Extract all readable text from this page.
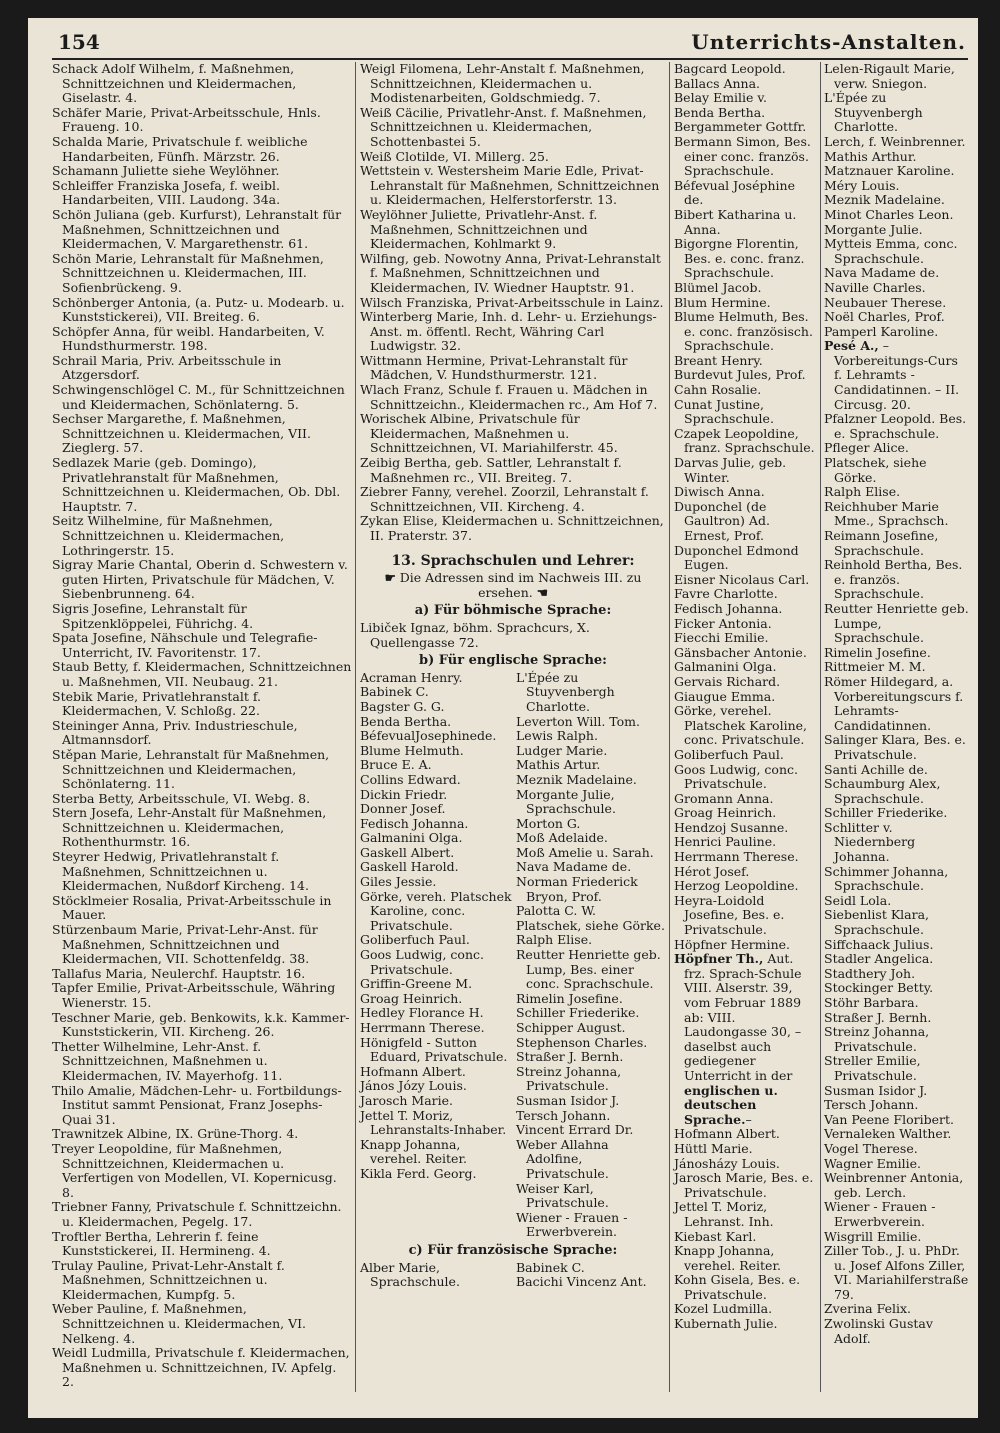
154	Unterrichts-Anstalten.

Schack Adolf Wilhelm, f. Maßnehmen, Schnittzeichnen und Kleidermachen, Giselastr. 4.

Schäfer Marie, Privat-Arbeitsschule, Hnls. Fraueng. 10.

Schalda Marie, Privatschule f. weibliche Handarbeiten, Fünfh. Märzstr. 26.

Schamann Juliette siehe Weylöhner.

Schleiffer Franziska Josefa, f. weibl. Handarbeiten, VIII. Laudong. 34a.

Schön Juliana (geb. Kurfurst), Lehranstalt für Maßnehmen, Schnittzeichnen und Kleidermachen, V. Margarethenstr. 61.

Schön Marie, Lehranstalt für Maßnehmen, Schnittzeichnen u. Kleidermachen, III. Sofienbrückeng. 9.

Schönberger Antonia, (a. Putz- u. Modearb. u. Kunststickerei), VII. Breiteg. 6.

Schöpfer Anna, für weibl. Handarbeiten, V. Hundsthurmerstr. 198.

Schrail Maria, Priv. Arbeitsschule in Atzgersdorf.

Schwingenschlögel C. M., für Schnittzeichnen und Kleidermachen, Schönlaterng. 5.

Sechser Margarethe, f. Maßnehmen, Schnittzeichnen u. Kleidermachen, VII. Zieglerg. 57.

Sedlazek Marie (geb. Domingo), Privatlehranstalt für Maßnehmen, Schnittzeichnen u. Kleidermachen, Ob. Dbl. Hauptstr. 7.

Seitz Wilhelmine, für Maßnehmen, Schnittzeichnen u. Kleidermachen, Lothringerstr. 15.

Sigray Marie Chantal, Oberin d. Schwestern v. guten Hirten, Privatschule für Mädchen, V. Siebenbrunneng. 64.

Sigris Josefine, Lehranstalt für Spitzenklöppelei, Führichg. 4.

Spata Josefine, Nähschule und Telegrafie-Unterricht, IV. Favoritenstr. 17.

Staub Betty, f. Kleidermachen, Schnittzeichnen u. Maßnehmen, VII. Neubaug. 21.

Stebik Marie, Privatlehranstalt f. Kleidermachen, V. Schloßg. 22.

Steininger Anna, Priv. Industrieschule, Altmannsdorf.

Stěpan Marie, Lehranstalt für Maßnehmen, Schnittzeichnen und Kleidermachen, Schönlaterng. 11.

Sterba Betty, Arbeitsschule, VI. Webg. 8.

Stern Josefa, Lehr-Anstalt für Maßnehmen, Schnittzeichnen u. Kleidermachen, Rothenthurmstr. 16.

Steyrer Hedwig, Privatlehranstalt f. Maßnehmen, Schnittzeichnen u. Kleidermachen, Nußdorf Kircheng. 14.

Stöcklmeier Rosalia, Privat-Arbeitsschule in Mauer.

Stürzenbaum Marie, Privat-Lehr-Anst. für Maßnehmen, Schnittzeichnen und Kleidermachen, VII. Schottenfeldg. 38.

Tallafus Maria, Neulerchf. Hauptstr. 16.

Tapfer Emilie, Privat-Arbeitsschule, Währing Wienerstr. 15.

Teschner Marie, geb. Benkowits, k.k. Kammer-Kunststickerin, VII. Kircheng. 26.

Thetter Wilhelmine, Lehr-Anst. f. Schnittzeichnen, Maßnehmen u. Kleidermachen, IV. Mayerhofg. 11.

Thilo Amalie, Mädchen-Lehr- u. Fortbildungs-Institut sammt Pensionat, Franz Josephs-Quai 31.

Trawnitzek Albine, IX. Grüne-Thorg. 4.

Treyer Leopoldine, für Maßnehmen, Schnittzeichnen, Kleidermachen u. Verfertigen von Modellen, VI. Kopernicusg. 8.

Triebner Fanny, Privatschule f. Schnittzeichn. u. Kleidermachen, Pegelg. 17.

Troftler Bertha, Lehrerin f. feine Kunststickerei, II. Hermineng. 4.

Trulay Pauline, Privat-Lehr-Anstalt f. Maßnehmen, Schnittzeichnen u. Kleidermachen, Kumpfg. 5.

Weber Pauline, f. Maßnehmen, Schnittzeichnen u. Kleidermachen, VI. Nelkeng. 4.

Weidl Ludmilla, Privatschule f. Kleidermachen, Maßnehmen u. Schnittzeichnen, IV. Apfelg. 2.

Weigl Filomena, Lehr-Anstalt f. Maßnehmen, Schnittzeichnen, Kleidermachen u. Modistenarbeiten, Goldschmiedg. 7.

Weiß Cäcilie, Privatlehr-Anst. f. Maßnehmen, Schnittzeichnen u. Kleidermachen, Schottenbastei 5.

Weiß Clotilde, VI. Millerg. 25.

Wettstein v. Westersheim Marie Edle, Privat-Lehranstalt für Maßnehmen, Schnittzeichnen u. Kleidermachen, Helferstorferstr. 13.

Weylöhner Juliette, Privatlehr-Anst. f. Maßnehmen, Schnittzeichnen und Kleidermachen, Kohlmarkt 9.

Wilfing, geb. Nowotny Anna, Privat-Lehranstalt f. Maßnehmen, Schnittzeichnen und Kleidermachen, IV. Wiedner Hauptstr. 91.

Wilsch Franziska, Privat-Arbeitsschule in Lainz.

Winterberg Marie, Inh. d. Lehr- u. Erziehungs-Anst. m. öffentl. Recht, Währing Carl Ludwigstr. 32.

Wittmann Hermine, Privat-Lehranstalt für Mädchen, V. Hundsthurmerstr. 121.

Wlach Franz, Schule f. Frauen u. Mädchen in Schnittzeichn., Kleidermachen rc., Am Hof 7.

Worischek Albine, Privatschule für Kleidermachen, Maßnehmen u. Schnittzeichnen, VI. Mariahilferstr. 45.

Zeibig Bertha, geb. Sattler, Lehranstalt f. Maßnehmen rc., VII. Breiteg. 7.

Ziebrer Fanny, verehel. Zoorzil, Lehranstalt f. Schnittzeichnen, VII. Kircheng. 4.

Zykan Elise, Kleidermachen u. Schnittzeichnen, II. Praterstr. 37.

13. Sprachschulen und Lehrer:
☛ Die Adressen sind im Nachweis III. zu ersehen. ☚
a) Für böhmische Sprache:

Libiček Ignaz, böhm. Sprachcurs, X. Quellengasse 72.

b) Für englische Sprache:

Acraman Henry.

Babinek C.

Bagster G. G.

Benda Bertha.

BéfevualJosephinede.

Blume Helmuth.

Bruce E. A.

Collins Edward.

Dickin Friedr.

Donner Josef.

Fedisch Johanna.

Galmanini Olga.

Gaskell Albert.

Gaskell Harold.

Giles Jessie.

Görke, vereh. Platschek Karoline, conc. Privatschule.

Goliberfuch Paul.

Goos Ludwig, conc. Privatschule.

Griffin-Greene M.

Groag Heinrich.

Hedley Florance H.

Herrmann Therese.

Hönigfeld - Sutton Eduard, Privatschule.

Hofmann Albert.

János Józy Louis.

Jarosch Marie.

Jettel T. Moriz, Lehranstalts-Inhaber.

Knapp Johanna, verehel. Reiter.

Kikla Ferd. Georg.

L'Épée zu Stuyvenbergh Charlotte.

Leverton Will. Tom.

Lewis Ralph.

Ludger Marie.

Mathis Artur.

Meznik Madelaine.

Morgante Julie, Sprachschule.

Morton G.

Moß Adelaide.

Moß Amelie u. Sarah.

Nava Madame de.

Norman Friederick Bryon, Prof.

Palotta C. W.

Platschek, siehe Görke.

Ralph Elise.

Reutter Henriette geb. Lump, Bes. einer conc. Sprachschule.

Rimelin Josefine.

Schiller Friederike.

Schipper August.

Stephenson Charles.

Straßer J. Bernh.

Streinz Johanna, Privatschule.

Susman Isidor J.

Tersch Johann.

Vincent Errard Dr.

Weber Allahna Adolfine, Privatschule.

Weiser Karl, Privatschule.

Wiener - Frauen - Erwerbverein.

c) Für französische Sprache:

Alber Marie, Sprachschule.

Babinek C.

Bacichi Vincenz Ant.

Bagcard Leopold.

Ballacs Anna.

Belay Emilie v.

Benda Bertha.

Bergammeter Gottfr.

Bermann Simon, Bes. einer conc. französ. Sprachschule.

Béfevual Joséphine de.

Bibert Katharina u. Anna.

Bigorgne Florentin, Bes. e. conc. franz. Sprachschule.

Blümel Jacob.

Blum Hermine.

Blume Helmuth, Bes. e. conc. französisch. Sprachschule.

Breant Henry.

Burdevut Jules, Prof.

Cahn Rosalie.

Cunat Justine, Sprachschule.

Czapek Leopoldine, franz. Sprachschule.

Darvas Julie, geb. Winter.

Diwisch Anna.

Duponchel (de Gaultron) Ad. Ernest, Prof.

Duponchel Edmond Eugen.

Eisner Nicolaus Carl.

Favre Charlotte.

Fedisch Johanna.

Ficker Antonia.

Fiecchi Emilie.

Gänsbacher Antonie.

Galmanini Olga.

Gervais Richard.

Giaugue Emma.

Görke, verehel. Platschek Karoline, conc. Privatschule.

Goliberfuch Paul.

Goos Ludwig, conc. Privatschule.

Gromann Anna.

Groag Heinrich.

Hendzoj Susanne.

Henrici Pauline.

Herrmann Therese.

Hérot Josef.

Herzog Leopoldine.

Heyra-Loidold Josefine, Bes. e. Privatschule.

Höpfner Hermine.

Höpfner Th., Aut. frz. Sprach-Schule VIII. Alserstr. 39, vom Februar 1889 ab: VIII. Laudongasse 30, – daselbst auch gediegener Unterricht in der englischen u. deutschen Sprache.–

Hofmann Albert.

Hüttl Marie.

Jánosházy Louis.

Jarosch Marie, Bes. e. Privatschule.

Jettel T. Moriz, Lehranst. Inh.

Kiebast Karl.

Knapp Johanna, verehel. Reiter.

Kohn Gisela, Bes. e. Privatschule.

Kozel Ludmilla.

Kubernath Julie.

Lelen-Rigault Marie, verw. Sniegon.

L'Épée zu Stuyvenbergh Charlotte.

Lerch, f. Weinbrenner.

Mathis Arthur.

Matznauer Karoline.

Méry Louis.

Meznik Madelaine.

Minot Charles Leon.

Morgante Julie.

Mytteis Emma, conc. Sprachschule.

Nava Madame de.

Naville Charles.

Neubauer Therese.

Noël Charles, Prof.

Pamperl Karoline.

Pesé A., – Vorbereitungs-Curs f. Lehramts - Candidatinnen. – II. Circusg. 20.

Pfalzner Leopold. Bes. e. Sprachschule.

Pfleger Alice.

Platschek, siehe Görke.

Ralph Elise.

Reichhuber Marie Mme., Sprachsch.

Reimann Josefine, Sprachschule.

Reinhold Bertha, Bes. e. französ. Sprachschule.

Reutter Henriette geb. Lumpe, Sprachschule.

Rimelin Josefine.

Rittmeier M. M.

Römer Hildegard, a. Vorbereitungscurs f. Lehramts-Candidatinnen.

Salinger Klara, Bes. e. Privatschule.

Santi Achille de.

Schaumburg Alex, Sprachschule.

Schiller Friederike.

Schlitter v. Niedernberg Johanna.

Schimmer Johanna, Sprachschule.

Seidl Lola.

Siebenlist Klara, Sprachschule.

Siffchaack Julius.

Stadler Angelica.

Stadthery Joh.

Stockinger Betty.

Stöhr Barbara.

Straßer J. Bernh.

Streinz Johanna, Privatschule.

Streller Emilie, Privatschule.

Susman Isidor J.

Tersch Johann.

Van Peene Floribert.

Vernaleken Walther.

Vogel Therese.

Wagner Emilie.

Weinbrenner Antonia, geb. Lerch.

Wiener - Frauen - Erwerbverein.

Wisgrill Emilie.

Ziller Tob., J. u. PhDr. u. Josef Alfons Ziller, VI. Mariahilferstraße 79.

Zverina Felix.

Zwolinski Gustav Adolf.
